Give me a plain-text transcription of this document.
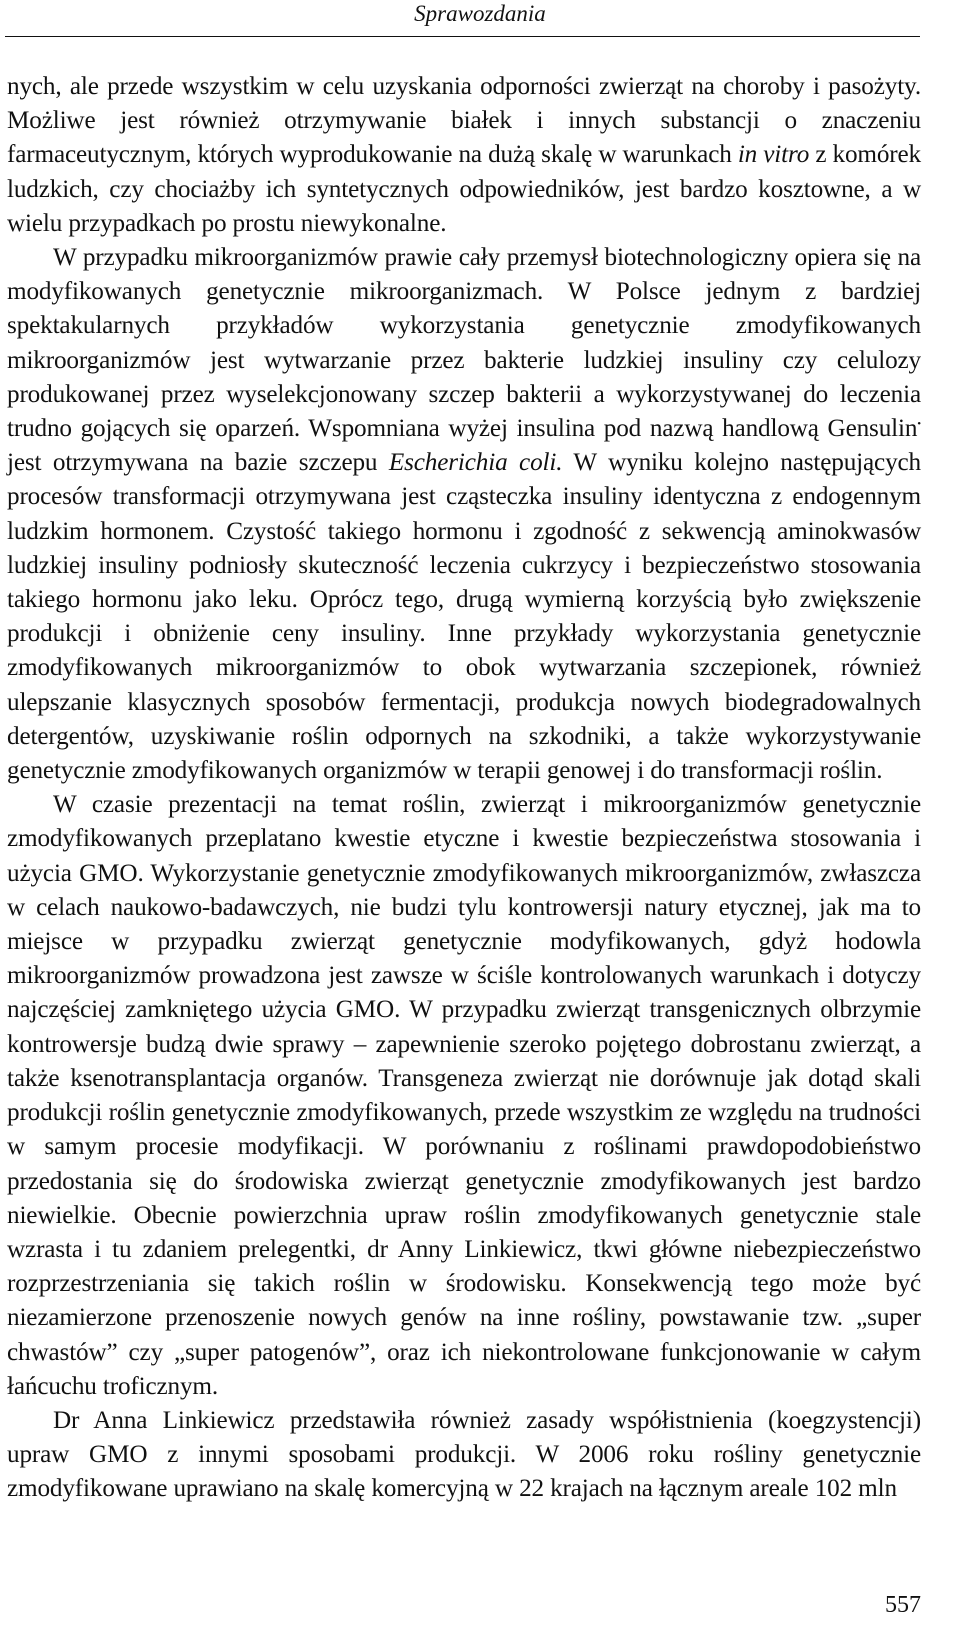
Sprawozdania

nych, ale przede wszystkim w celu uzyskania odporności zwierząt na choroby i pasożyty. Możliwe jest również otrzymywanie białek i innych substancji o znaczeniu farmaceutycznym, których wyprodukowanie na dużą skalę w warunkach in vitro z komórek ludzkich, czy chociażby ich syntetycznych odpowiedników, jest bardzo kosztowne, a w wielu przypadkach po prostu niewykonalne.

W przypadku mikroorganizmów prawie cały przemysł biotechnologiczny opiera się na modyfikowanych genetycznie mikroorganizmach. W Polsce jednym z bardziej spektakularnych przykładów wykorzystania genetycznie zmodyfikowanych mikroorganizmów jest wytwarzanie przez bakterie ludzkiej insuliny czy celulozy produkowanej przez wyselekcjonowany szczep bakterii a wykorzystywanej do leczenia trudno gojących się oparzeń. Wspomniana wyżej insulina pod nazwą handlową Gensulin• jest otrzymywana na bazie szczepu Escherichia coli. W wyniku kolejno następujących procesów transformacji otrzymywana jest cząsteczka insuliny identyczna z endogennym ludzkim hormonem. Czystość takiego hormonu i zgodność z sekwencją aminokwasów ludzkiej insuliny podniosły skuteczność leczenia cukrzycy i bezpieczeństwo stosowania takiego hormonu jako leku. Oprócz tego, drugą wymierną korzyścią było zwiększenie produkcji i obniżenie ceny insuliny. Inne przykłady wykorzystania genetycznie zmodyfikowanych mikroorganizmów to obok wytwarzania szczepionek, również ulepszanie klasycznych sposobów fermentacji, produkcja nowych biodegradowalnych detergentów, uzyskiwanie roślin odpornych na szkodniki, a także wykorzystywanie genetycznie zmodyfikowanych organizmów w terapii genowej i do transformacji roślin.

W czasie prezentacji na temat roślin, zwierząt i mikroorganizmów genetycznie zmodyfikowanych przeplatano kwestie etyczne i kwestie bezpieczeństwa stosowania i użycia GMO. Wykorzystanie genetycznie zmodyfikowanych mikroorganizmów, zwłaszcza w celach naukowo-badawczych, nie budzi tylu kontrowersji natury etycznej, jak ma to miejsce w przypadku zwierząt genetycznie modyfikowanych, gdyż hodowla mikroorganizmów prowadzona jest zawsze w ściśle kontrolowanych warunkach i dotyczy najczęściej zamkniętego użycia GMO. W przypadku zwierząt transgenicznych olbrzymie kontrowersje budzą dwie sprawy – zapewnienie szeroko pojętego dobrostanu zwierząt, a także ksenotransplantacja organów. Transgeneza zwierząt nie dorównuje jak dotąd skali produkcji roślin genetycznie zmodyfikowanych, przede wszystkim ze względu na trudności w samym procesie modyfikacji. W porównaniu z roślinami prawdopodobieństwo przedostania się do środowiska zwierząt genetycznie zmodyfikowanych jest bardzo niewielkie. Obecnie powierzchnia upraw roślin zmodyfikowanych genetycznie stale wzrasta i tu zdaniem prelegentki, dr Anny Linkiewicz, tkwi główne niebezpieczeństwo rozprzestrzeniania się takich roślin w środowisku. Konsekwencją tego może być niezamierzone przenoszenie nowych genów na inne rośliny, powstawanie tzw. „super chwastów” czy „super patogenów”, oraz ich niekontrolowane funkcjonowanie w całym łańcuchu troficznym.

Dr Anna Linkiewicz przedstawiła również zasady współistnienia (koegzystencji) upraw GMO z innymi sposobami produkcji. W 2006 roku rośliny genetycznie zmodyfikowane uprawiano na skalę komercyjną w 22 krajach na łącznym areale 102 mln

557
